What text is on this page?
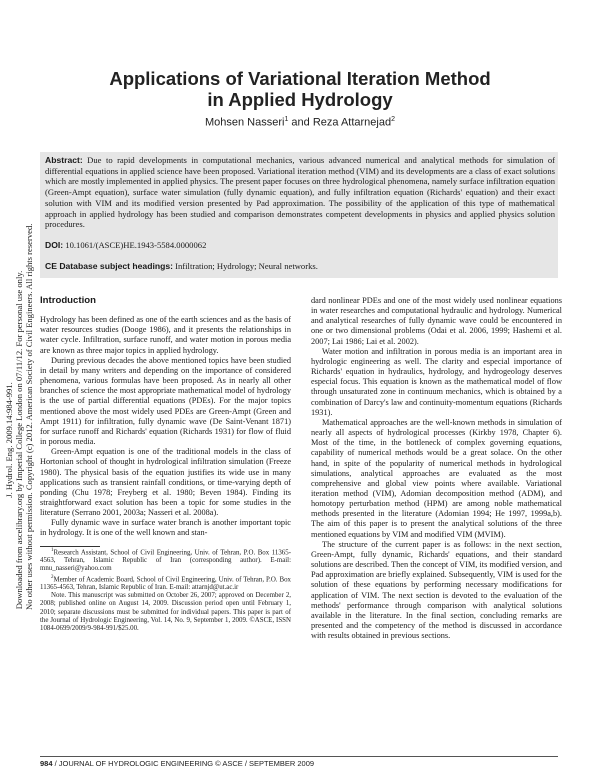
J. Hydrol. Eng. 2009.14:984-991. Downloaded from ascelibrary.org by Imperial College London on 07/11/12. For personal use only. No other uses without permission. Copyright (c) 2012. American Society of Civil Engineers. All rights reserved.
Applications of Variational Iteration Method
in Applied Hydrology
Mohsen Nasseri$^1$ and Reza Attarnejad$^2$
Abstract: Due to rapid developments in computational mechanics, various advanced numerical and analytical methods for simulation of differential equations in applied science have been proposed. Variational iteration method (VIM) and its developments are a class of exact solutions which are mostly implemented in applied physics. The present paper focuses on three hydrological phenomena, namely surface infiltration equation (Green-Ampt equation), surface water simulation (fully dynamic equation), and fully infiltration equation (Richards' equation) and their exact solution with VIM and its modified version presented by Pad approximation. The possibility of the application of this type of mathematical approach in applied hydrology has been studied and comparison demonstrates competent developments in physics and applied physics solution procedures.
DOI: 10.1061/(ASCE)HE.1943-5584.0000062
CE Database subject headings: Infiltration; Hydrology; Neural networks.
Introduction

Hydrology has been defined as one of the earth sciences and as the basis of water resources studies (Dooge 1986), and it presents the relationships in water cycle. Infiltration, surface runoff, and water motion in porous media are known as three major topics in applied hydrology.

During previous decades the above mentioned topics have been studied in detail by many writers and depending on the importance of considered phenomena, various formulas have been proposed. As in nearly all other branches of science the most appropriate mathematical model of hydrology is the use of partial differential equations (PDEs). For the major topics mentioned above the most widely used PDEs are Green-Ampt (Green and Ampt 1911) for infiltration, fully dynamic wave (De Saint-Venant 1871) for surface runoff and Richards' equation (Richards 1931) for flow of fluid in porous media.

Green-Ampt equation is one of the traditional models in the class of Hortonian school of thought in hydrological infiltration simulation (Freeze 1980). The physical basis of the equation justifies its wide use in many applications such as transient rainfall conditions, or time-varying depth of ponding (Chu 1978; Freyberg et al. 1980; Beven 1984). Finding its straightforward exact solution has been a topic for some studies in the literature (Serrano 2001, 2003a; Nasseri et al. 2008a).

Fully dynamic wave in surface water branch is another important topic in hydrology. It is one of the well known and stan-

$^1$Research Assistant, School of Civil Engineering, Univ. of Tehran, P.O. Box 11365-4563, Tehran, Islamic Republic of Iran (corresponding author). E-mail: mnu_nasseri@yahoo.com

$^2$Member of Academic Board, School of Civil Engineering, Univ. of Tehran, P.O. Box 11365-4563, Tehran, Islamic Republic of Iran. E-mail: attarnjd@ut.ac.ir

Note. This manuscript was submitted on October 26, 2007; approved on December 2, 2008; published online on August 14, 2009. Discussion period open until February 1, 2010; separate discussions must be submitted for individual papers. This paper is part of the Journal of Hydrologic Engineering, Vol. 14, No. 9, September 1, 2009. ©ASCE, ISSN 1084-0699/2009/9-984-991/$25.00.

dard nonlinear PDEs and one of the most widely used nonlinear equations in water researches and computational hydraulic and hydrology. Numerical and analytical researches of fully dynamic wave could be encountered in one or two dimensional problems (Odai et al. 2006, 1999; Hashemi et al. 2007; Lai 1986; Lai et al. 2002).

Water motion and infiltration in porous media is an important area in hydrologic engineering as well. The clarity and especial importance of Richards' equation in hydraulics, hydrology, and hydrogeology deserves especial focus. This equation is known as the mathematical model of flow through unsaturated zone in continuum mechanics, which is obtained by a combination of Darcy's law and continuity-momentum equations (Richards 1931).

Mathematical approaches are the well-known methods in simulation of nearly all aspects of hydrological processes (Kirkby 1978, Chapter 6). Most of the time, in the bottleneck of complex governing equations, capability of numerical methods would be a great solace. On the other hand, in spite of the popularity of numerical methods in hydrological simulations, analytical approaches are evaluated as the most comprehensive and global view points where available. Variational iteration method (VIM), Adomian decomposition method (ADM), and homotopy perturbation method (HPM) are among noble mathematical methods presented in the literature (Adomian 1994; He 1997, 1999a,b). The aim of this paper is to present the analytical solutions of the three mentioned equations by VIM and modified VIM (MVIM).

The structure of the current paper is as follows: in the next section, Green-Ampt, fully dynamic, Richards' equations, and their standard solutions are described. Then the concept of VIM, its modified version, and Pad approximation are briefly explained. Subsequently, VIM is used for the solution of these equations by performing necessary modifications for application of VIM. The next section is devoted to the evaluation of the methods' performance through comparison with analytical solutions available in the literature. In the final section, concluding remarks are presented and the competency of the method is discussed in accordance with results obtained in previous sections.

984 / JOURNAL OF HYDROLOGIC ENGINEERING © ASCE / SEPTEMBER 2009
